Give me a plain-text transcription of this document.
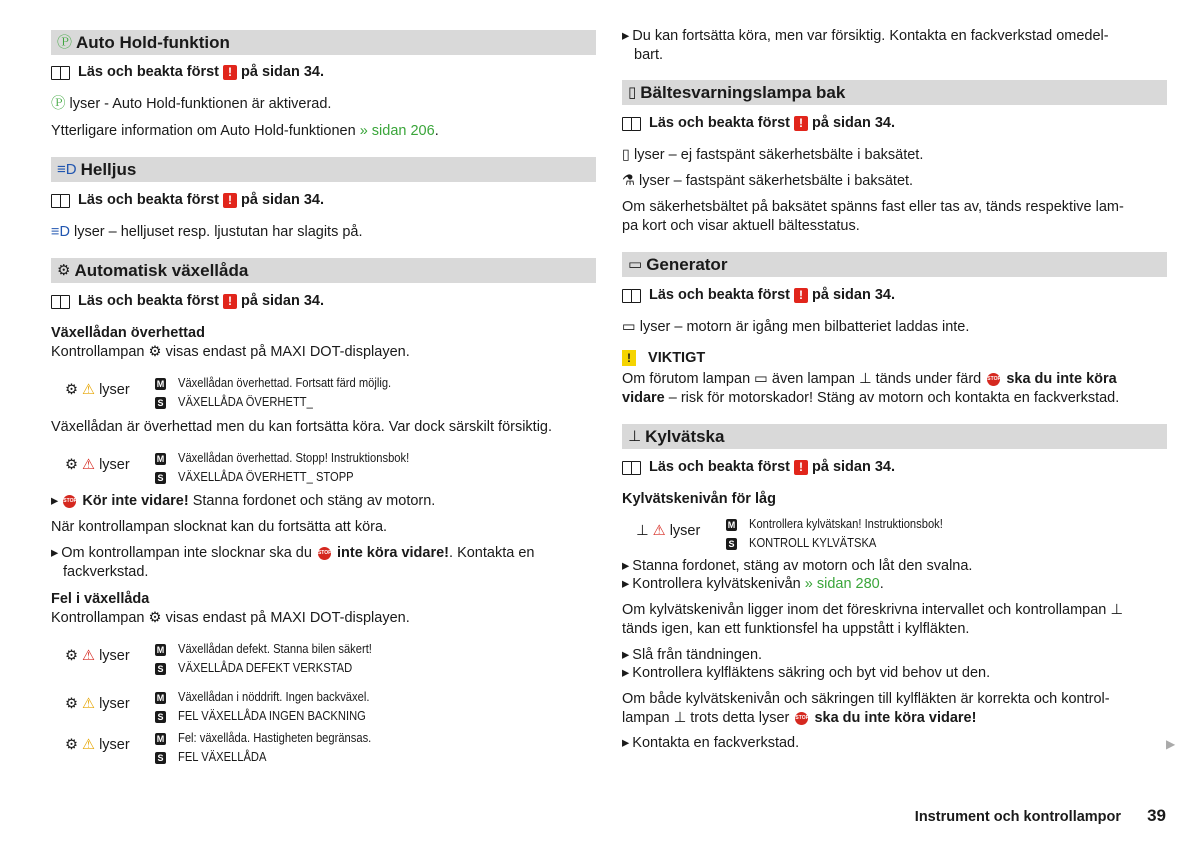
Ⓟ Auto Hold-funktion
Läs och beakta först ! på sidan 34.
Ⓟ lyser - Auto Hold-funktionen är aktiverad.
Ytterligare information om Auto Hold-funktionen » sidan 206.
≡D Helljus
Läs och beakta först ! på sidan 34.
≡D lyser – helljuset resp. ljustutan har slagits på.
⚙ Automatisk växellåda
Läs och beakta först ! på sidan 34.
Växellådan överhettad
Kontrollampan ⚙ visas endast på MAXI DOT-displayen.
⚙ ⚠ lyser	M Växellådan överhettad. Fortsatt färd möjlig.
S VÄXELLÅDA ÖVERHETT_
Växellådan är överhettad men du kan fortsätta köra. Var dock särskilt försiktig.
⚙ ⚠ lyser	M Växellådan överhettad. Stopp! Instruktionsbok!
S VÄXELLÅDA ÖVERHETT_ STOPP
▸ STOP Kör inte vidare! Stanna fordonet och stäng av motorn.
När kontrollampan slocknat kan du fortsätta att köra.
▸ Om kontrollampan inte slocknar ska du STOP inte köra vidare!. Kontakta en
fackverkstad.
Fel i växellåda
Kontrollampan ⚙ visas endast på MAXI DOT-displayen.
⚙ ⚠ lyser	M Växellådan defekt. Stanna bilen säkert!
S VÄXELLÅDA DEFEKT VERKSTAD
⚙ ⚠ lyser	M Växellådan i nöddrift. Ingen backväxel.
S FEL VÄXELLÅDA INGEN BACKNING
⚙ ⚠ lyser	M Fel: växellåda. Hastigheten begränsas.
S FEL VÄXELLÅDA
▸ Du kan fortsätta köra, men var försiktig. Kontakta en fackverkstad omedel-
bart.
▯ Bältesvarningslampa bak
Läs och beakta först ! på sidan 34.
▯ lyser – ej fastspänt säkerhetsbälte i baksätet.
⚗ lyser – fastspänt säkerhetsbälte i baksätet.
Om säkerhetsbältet på baksätet spänns fast eller tas av, tänds respektive lam-
pa kort och visar aktuell bältesstatus.
▭ Generator
Läs och beakta först ! på sidan 34.
▭ lyser – motorn är igång men bilbatteriet laddas inte.
! VIKTIGT
Om förutom lampan ▭ även lampan ⊥ tänds under färd STOP ska du inte köra
vidare – risk för motorskador! Stäng av motorn och kontakta en fackverkstad.
⊥ Kylvätska
Läs och beakta först ! på sidan 34.
Kylvätskenivån för låg
⊥ ⚠ lyser	M Kontrollera kylvätskan! Instruktionsbok!
S KONTROLL KYLVÄTSKA
▸ Stanna fordonet, stäng av motorn och låt den svalna.
▸ Kontrollera kylvätskenivån » sidan 280.
Om kylvätskenivån ligger inom det föreskrivna intervallet och kontrollampan ⊥
tänds igen, kan ett funktionsfel ha uppstått i kylfläkten.
▸ Slå från tändningen.
▸ Kontrollera kylfläktens säkring och byt vid behov ut den.
Om både kylvätskenivån och säkringen till kylfläkten är korrekta och kontrol-
lampan ⊥ trots detta lyser STOP ska du inte köra vidare!
▸ Kontakta en fackverkstad.	▶
Instrument och kontrollampor 39
